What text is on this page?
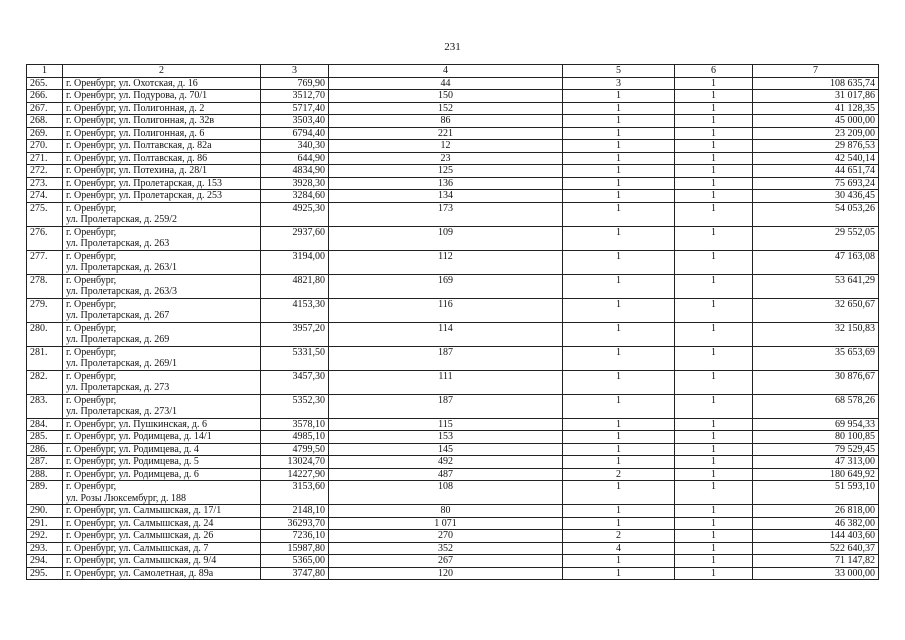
231
1	2	3	4	5	6	7
265.	г. Оренбург, ул. Охотская, д. 16	769,90	44	3	1	108 635,74
266.	г. Оренбург, ул. Подурова, д. 70/1	3512,70	150	1	1	31 017,86
267.	г. Оренбург, ул. Полигонная, д. 2	5717,40	152	1	1	41 128,35
268.	г. Оренбург, ул. Полигонная, д. 32в	3503,40	86	1	1	45 000,00
269.	г. Оренбург, ул. Полигонная, д. 6	6794,40	221	1	1	23 209,00
270.	г. Оренбург, ул. Полтавская, д. 82а	340,30	12	1	1	29 876,53
271.	г. Оренбург, ул. Полтавская, д. 86	644,90	23	1	1	42 540,14
272.	г. Оренбург, ул. Потехина, д. 28/1	4834,90	125	1	1	44 651,74
273.	г. Оренбург, ул. Пролетарская, д. 153	3928,30	136	1	1	75 693,24
274.	г. Оренбург, ул. Пролетарская, д. 253	3284,60	134	1	1	30 436,45
275.	г. Оренбург,
ул. Пролетарская, д. 259/2	4925,30	173	1	1	54 053,26
276.	г. Оренбург,
ул. Пролетарская, д. 263	2937,60	109	1	1	29 552,05
277.	г. Оренбург,
ул. Пролетарская, д. 263/1	3194,00	112	1	1	47 163,08
278.	г. Оренбург,
ул. Пролетарская, д. 263/3	4821,80	169	1	1	53 641,29
279.	г. Оренбург,
ул. Пролетарская, д. 267	4153,30	116	1	1	32 650,67
280.	г. Оренбург,
ул. Пролетарская, д. 269	3957,20	114	1	1	32 150,83
281.	г. Оренбург,
ул. Пролетарская, д. 269/1	5331,50	187	1	1	35 653,69
282.	г. Оренбург,
ул. Пролетарская, д. 273	3457,30	111	1	1	30 876,67
283.	г. Оренбург,
ул. Пролетарская, д. 273/1	5352,30	187	1	1	68 578,26
284.	г. Оренбург, ул. Пушкинская, д. 6	3578,10	115	1	1	69 954,33
285.	г. Оренбург, ул. Родимцева, д. 14/1	4985,10	153	1	1	80 100,85
286.	г. Оренбург, ул. Родимцева, д. 4	4799,50	145	1	1	79 529,45
287.	г. Оренбург, ул. Родимцева, д. 5	13024,70	492	1	1	47 313,00
288.	г. Оренбург, ул. Родимцева, д. 6	14227,90	487	2	1	180 649,92
289.	г. Оренбург,
ул. Розы Люксембург, д. 188	3153,60	108	1	1	51 593,10
290.	г. Оренбург, ул. Салмышская, д. 17/1	2148,10	80	1	1	26 818,00
291.	г. Оренбург, ул. Салмышская, д. 24	36293,70	1 071	1	1	46 382,00
292.	г. Оренбург, ул. Салмышская, д. 26	7236,10	270	2	1	144 403,60
293.	г. Оренбург, ул. Салмышская, д. 7	15987,80	352	4	1	522 640,37
294.	г. Оренбург, ул. Салмышская, д. 9/4	5365,00	267	1	1	71 147,82
295.	г. Оренбург, ул. Самолетная, д. 89а	3747,80	120	1	1	33 000,00
